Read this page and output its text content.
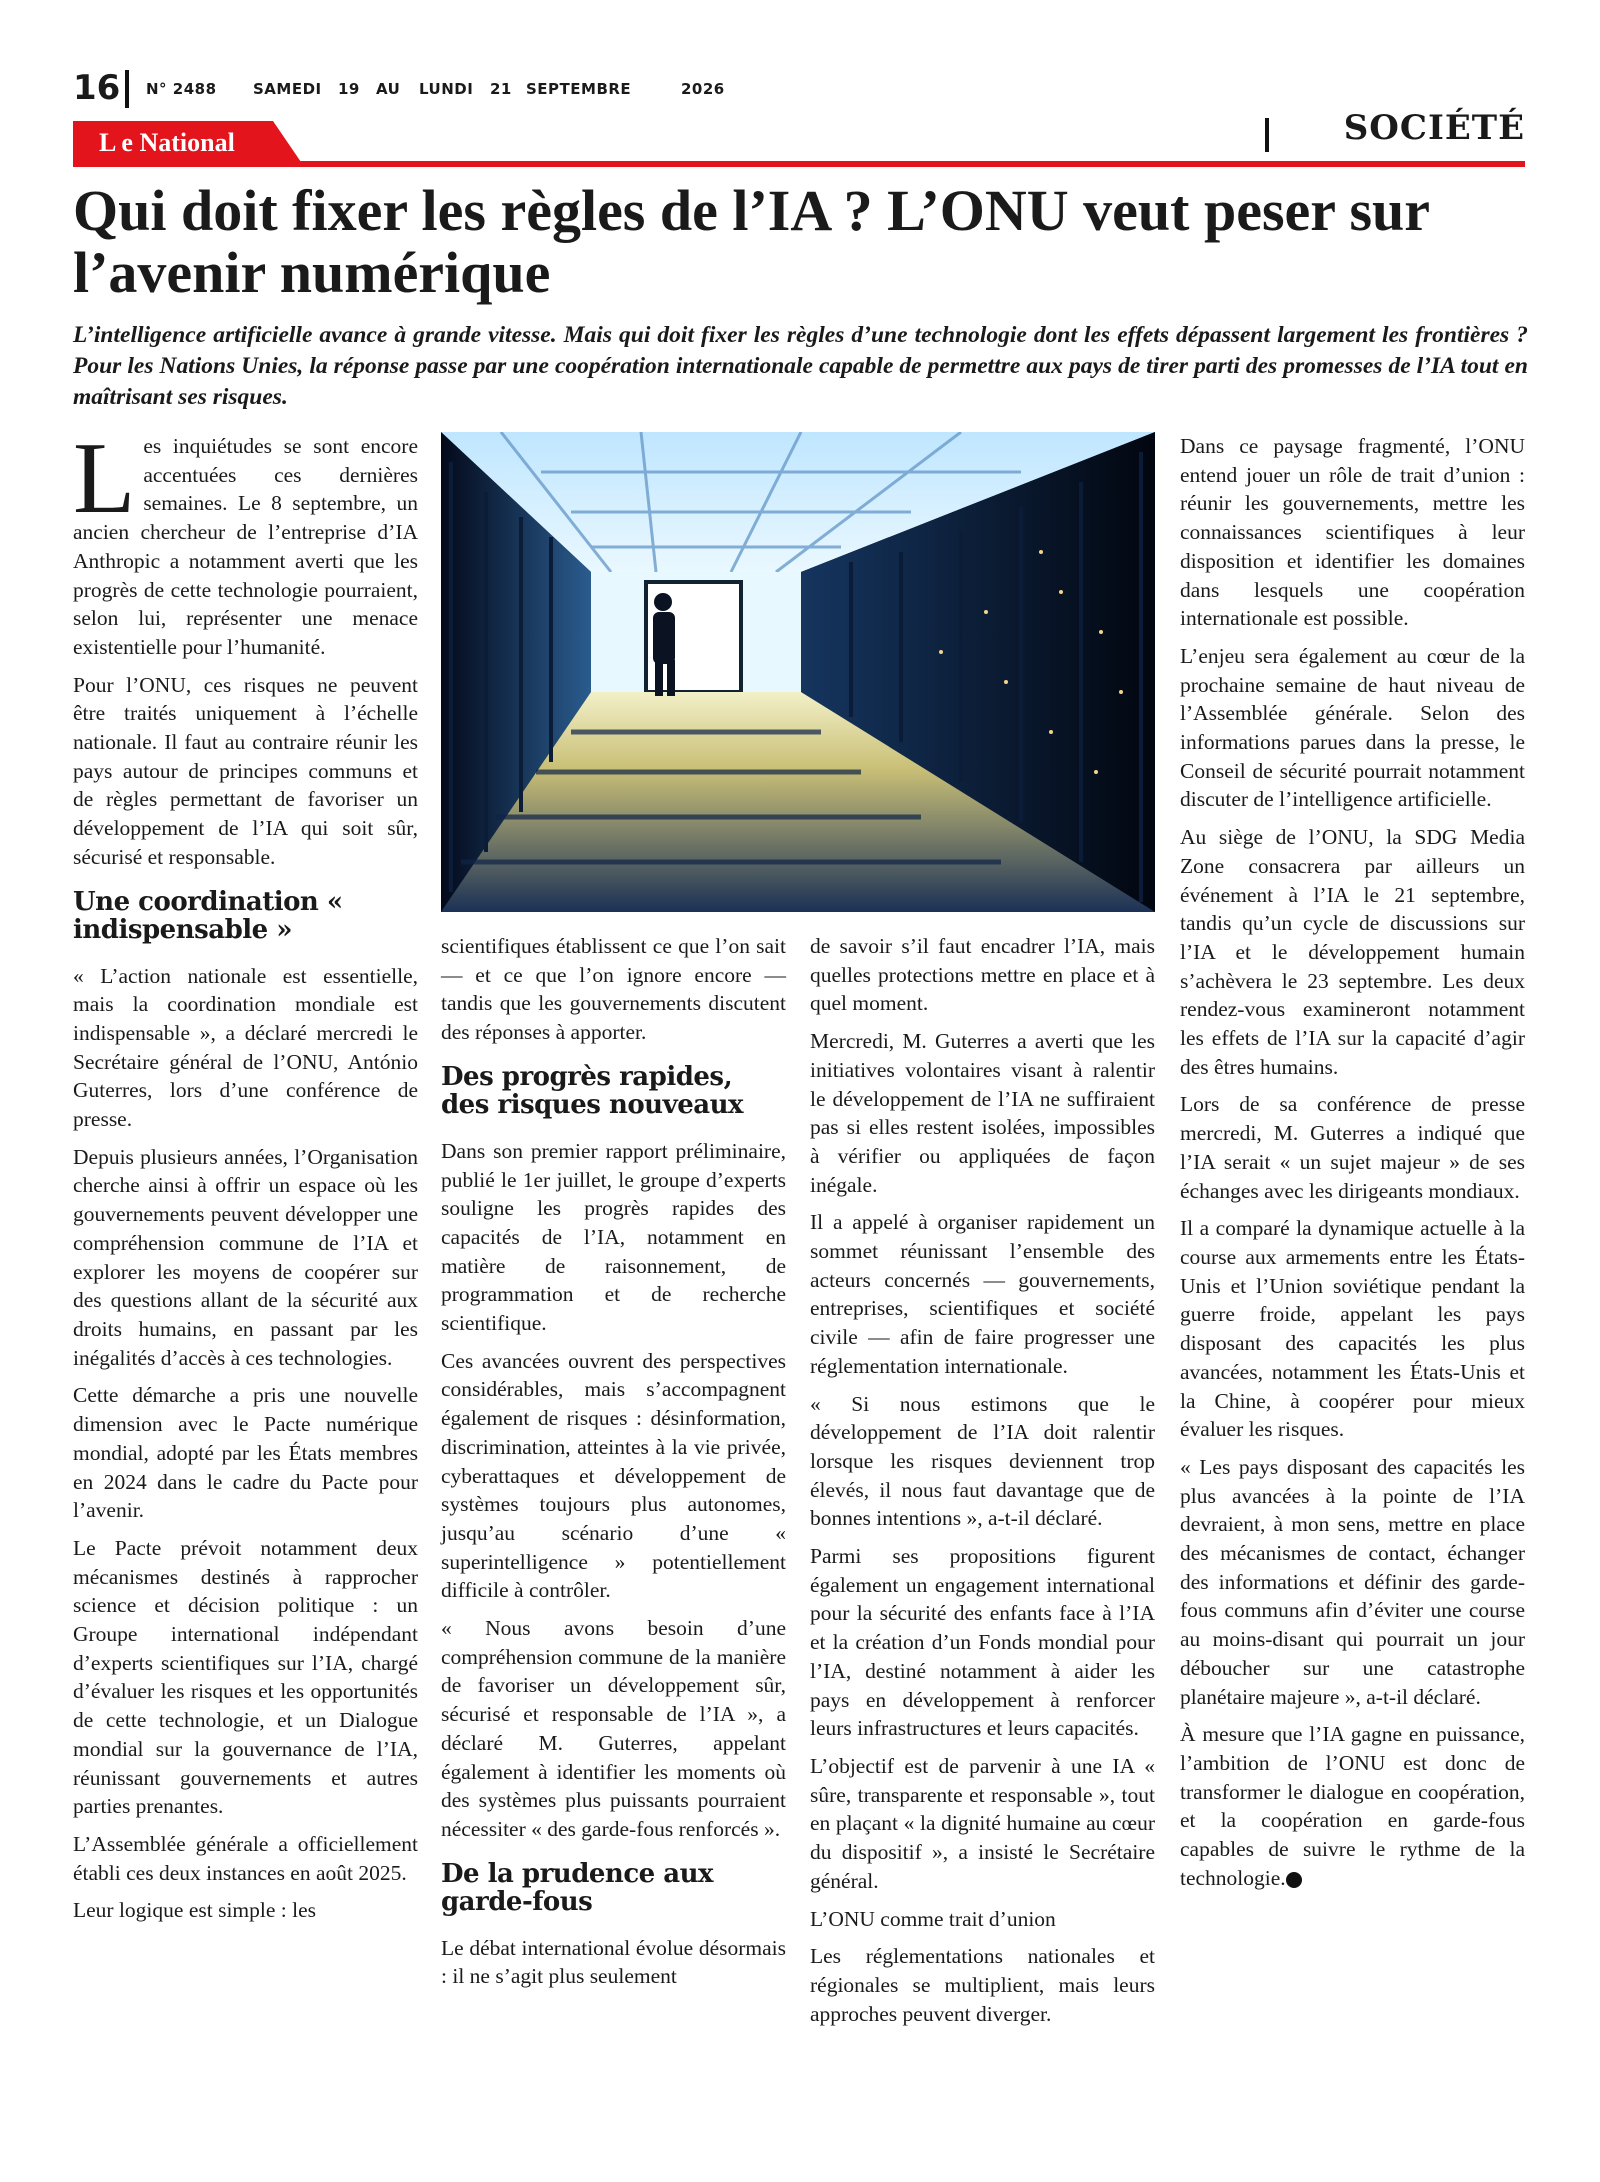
16 N° 2488 SAMEDI 19 AU LUNDI 21 SEPTEMBRE	2026
L e National	SOCIÉTÉ
Qui doit fixer les règles de l’IA ? L’ONU veut peser sur l’avenir numérique

L’intelligence artificielle avance à grande vitesse. Mais qui doit fixer les règles d’une technologie dont les effets dépassent largement les frontières ? Pour les Nations Unies, la réponse passe par une coopération internationale capable de permettre aux pays de tirer parti des promesses de l’IA tout en maîtrisant ses risques.

Les inquiétudes se sont encore accentuées ces dernières semaines. Le 8 septembre, un ancien chercheur de l’entreprise d’IA Anthropic a notamment averti que les progrès de cette technologie pourraient, selon lui, représenter une menace existentielle pour l’humanité.

Pour l’ONU, ces risques ne peuvent être traités uniquement à l’échelle nationale. Il faut au contraire réunir les pays autour de principes communs et de règles permettant de favoriser un développement de l’IA qui soit sûr, sécurisé et responsable.

Une coordination « indispensable »

« L’action nationale est essentielle, mais la coordination mondiale est indispensable », a déclaré mercredi le Secrétaire général de l’ONU, António Guterres, lors d’une conférence de presse.

Depuis plusieurs années, l’Organisation cherche ainsi à offrir un espace où les gouvernements peuvent développer une compréhension commune de l’IA et explorer les moyens de coopérer sur des questions allant de la sécurité aux droits humains, en passant par les inégalités d’accès à ces technologies.

Cette démarche a pris une nouvelle dimension avec le Pacte numérique mondial, adopté par les États membres en 2024 dans le cadre du Pacte pour l’avenir.

Le Pacte prévoit notamment deux mécanismes destinés à rapprocher science et décision politique : un Groupe international indépendant d’experts scientifiques sur l’IA, chargé d’évaluer les risques et les opportunités de cette technologie, et un Dialogue mondial sur la gouvernance de l’IA, réunissant gouvernements et autres parties prenantes.

L’Assemblée générale a officiellement établi ces deux instances en août 2025.

Leur logique est simple : les

scientifiques établissent ce que l’on sait — et ce que l’on ignore encore — tandis que les gouvernements discutent des réponses à apporter.

Des progrès rapides, des risques nouveaux

Dans son premier rapport préliminaire, publié le 1er juillet, le groupe d’experts souligne les progrès rapides des capacités de l’IA, notamment en matière de raisonnement, de programmation et de recherche scientifique.

Ces avancées ouvrent des perspectives considérables, mais s’accompagnent également de risques : désinformation, discrimination, atteintes à la vie privée, cyberattaques et développement de systèmes toujours plus autonomes, jusqu’au scénario d’une « superintelligence » potentiellement difficile à contrôler.

« Nous avons besoin d’une compréhension commune de la manière de favoriser un développement sûr, sécurisé et responsable de l’IA », a déclaré M. Guterres, appelant également à identifier les moments où des systèmes plus puissants pourraient nécessiter « des garde-fous renforcés ».

De la prudence aux garde-fous

Le débat international évolue désormais : il ne s’agit plus seulement

de savoir s’il faut encadrer l’IA, mais quelles protections mettre en place et à quel moment.

Mercredi, M. Guterres a averti que les initiatives volontaires visant à ralentir le développement de l’IA ne suffiraient pas si elles restent isolées, impossibles à vérifier ou appliquées de façon inégale.

Il a appelé à organiser rapidement un sommet réunissant l’ensemble des acteurs concernés — gouvernements, entreprises, scientifiques et société civile — afin de faire progresser une réglementation internationale.

« Si nous estimons que le développement de l’IA doit ralentir lorsque les risques deviennent trop élevés, il nous faut davantage que de bonnes intentions », a-t-il déclaré.

Parmi ses propositions figurent également un engagement international pour la sécurité des enfants face à l’IA et la création d’un Fonds mondial pour l’IA, destiné notamment à aider les pays en développement à renforcer leurs infrastructures et leurs capacités.

L’objectif est de parvenir à une IA « sûre, transparente et responsable », tout en plaçant « la dignité humaine au cœur du dispositif », a insisté le Secrétaire général.

L’ONU comme trait d’union

Les réglementations nationales et régionales se multiplient, mais leurs approches peuvent diverger.

Dans ce paysage fragmenté, l’ONU entend jouer un rôle de trait d’union : réunir les gouvernements, mettre les connaissances scientifiques à leur disposition et identifier les domaines dans lesquels une coopération internationale est possible.

L’enjeu sera également au cœur de la prochaine semaine de haut niveau de l’Assemblée générale. Selon des informations parues dans la presse, le Conseil de sécurité pourrait notamment discuter de l’intelligence artificielle.

Au siège de l’ONU, la SDG Media Zone consacrera par ailleurs un événement à l’IA le 21 septembre, tandis qu’un cycle de discussions sur l’IA et le développement humain s’achèvera le 23 septembre. Les deux rendez-vous examineront notamment les effets de l’IA sur la capacité d’agir des êtres humains.

Lors de sa conférence de presse mercredi, M. Guterres a indiqué que l’IA serait « un sujet majeur » de ses échanges avec les dirigeants mondiaux.

Il a comparé la dynamique actuelle à la course aux armements entre les États-Unis et l’Union soviétique pendant la guerre froide, appelant les pays disposant des capacités les plus avancées, notamment les États-Unis et la Chine, à coopérer pour mieux évaluer les risques.

« Les pays disposant des capacités les plus avancées à la pointe de l’IA devraient, à mon sens, mettre en place des mécanismes de contact, échanger des informations et définir des garde-fous communs afin d’éviter une course au moins-disant qui pourrait un jour déboucher sur une catastrophe planétaire majeure », a-t-il déclaré.

À mesure que l’IA gagne en puissance, l’ambition de l’ONU est donc de transformer le dialogue en coopération, et la coopération en garde-fous capables de suivre le rythme de la technologie.
